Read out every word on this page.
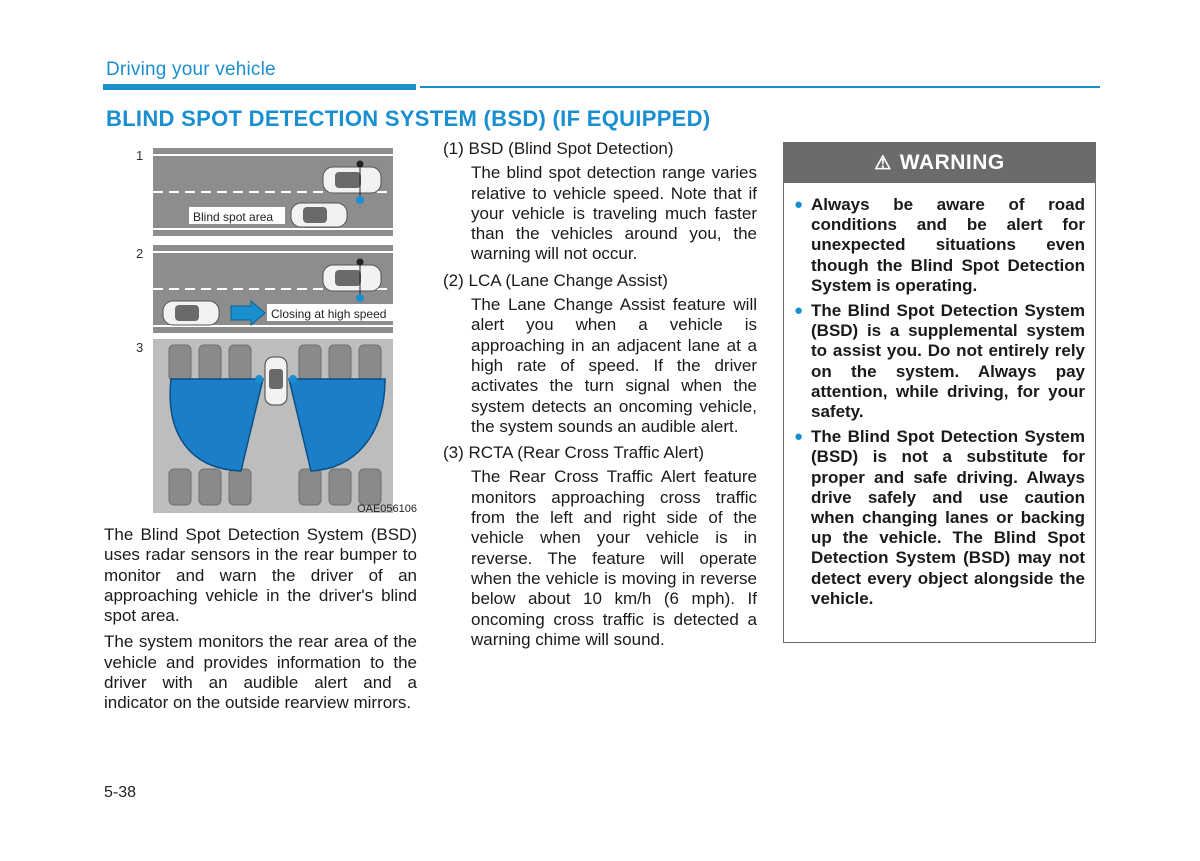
Driving your vehicle
BLIND SPOT DETECTION SYSTEM (BSD) (IF EQUIPPED)
1
2
3
Blind spot area
Closing at high speed
OAE056106

The Blind Spot Detection System (BSD) uses radar sensors in the rear bumper to monitor and warn the driver of an approaching vehicle in the driver's blind spot area.

The system monitors the rear area of the vehicle and provides information to the driver with an audible alert and a indicator on the outside rearview mirrors.

(1) BSD (Blind Spot Detection)

The blind spot detection range varies relative to vehicle speed. Note that if your vehicle is traveling much faster than the vehicles around you, the warning will not occur.

(2) LCA (Lane Change Assist)

The Lane Change Assist feature will alert you when a vehicle is approaching in an adjacent lane at a high rate of speed. If the driver activates the turn signal when the system detects an oncoming vehicle, the system sounds an audible alert.

(3) RCTA (Rear Cross Traffic Alert)

The Rear Cross Traffic Alert feature monitors approaching cross traffic from the left and right side of the vehicle when your vehicle is in reverse. The feature will operate when the vehicle is moving in reverse below about 10 km/h (6 mph). If oncoming cross traffic is detected a warning chime will sound.

⚠ WARNING
● Always be aware of road conditions and be alert for unexpected situations even though the Blind Spot Detection System is operating.
● The Blind Spot Detection System (BSD) is a supplemental system to assist you. Do not entirely rely on the system. Always pay attention, while driving, for your safety.
● The Blind Spot Detection System (BSD) is not a substitute for proper and safe driving. Always drive safely and use caution when changing lanes or backing up the vehicle. The Blind Spot Detection System (BSD) may not detect every object alongside the vehicle.
5-38
